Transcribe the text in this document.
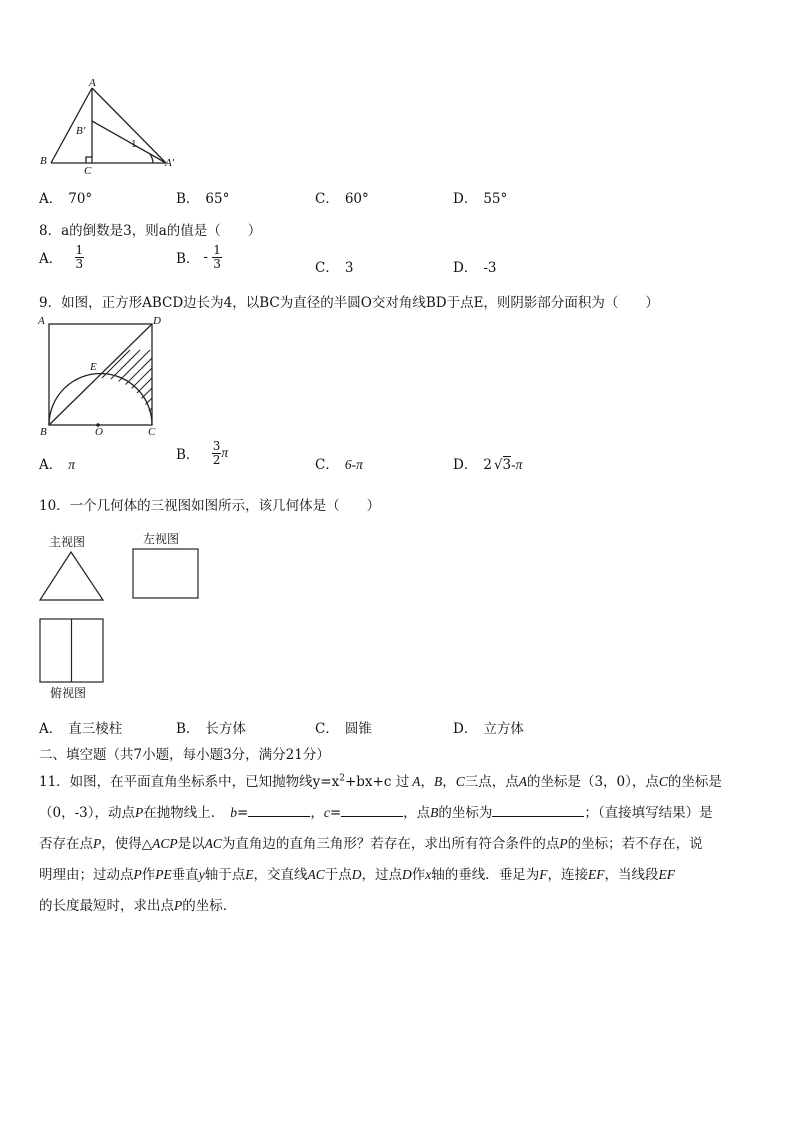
A
B′
B
C
A′
1
A． 70°	B． 65°	C． 60°	D． 55°
8．a的倒数是3，则a的值是（　　）
A． $\frac{1}{3}$	B． - $\frac{1}{3}$	C． 3	D． -3
9．如图，正方形ABCD边长为4，以BC为直径的半圆O交对角线BD于点E，则阴影部分面积为（　　）
A	D
E
B	O	C
A． π
B． $\frac{3}{2}$ π
C． 6-π	D． 2 √3-π
10．一个几何体的三视图如图所示，该几何体是（　　）
主视图	左视图
俯视图
A． 直三棱柱	B． 长方体	C． 圆锥	D． 立方体
二、填空题（共7小题，每小题3分，满分21分）
11．如图，在平面直角坐标系中，已知抛物线$y=x^2+bx+c$ 过 A，B，C三点，点A的坐标是（3，0），点C的坐标是
（0，-3），动点P在抛物线上． b=	，c=	，点B的坐标为	；（直接填写结果）是
否存在点P，使得△ACP是以AC为直角边的直角三角形？若存在，求出所有符合条件的点P的坐标；若不存在，说
明理由；过动点P作PE垂直y轴于点E，交直线AC于点D，过点D作x轴的垂线．垂足为F，连接EF，当线段EF
的长度最短时，求出点P的坐标．
